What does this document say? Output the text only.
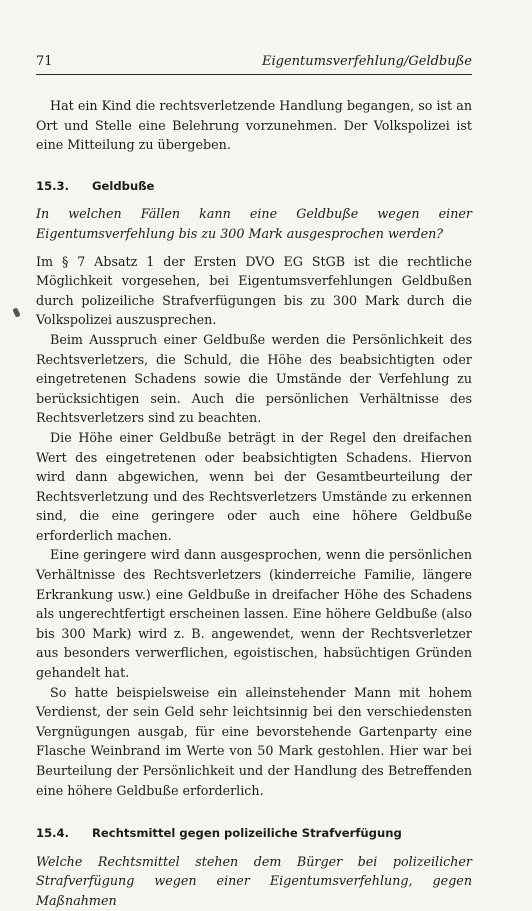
71	Eigentumsverfehlung/Geldbuße

Hat ein Kind die rechtsverletzende Handlung begangen, so ist an Ort und Stelle eine Belehrung vorzunehmen. Der Volkspolizei ist eine Mitteilung zu übergeben.

15.3. Geldbuße

In welchen Fällen kann eine Geldbuße wegen einer Eigentumsverfehlung bis zu 300 Mark ausgesprochen werden?

Im § 7 Absatz 1 der Ersten DVO EG StGB ist die rechtliche Möglichkeit vorgesehen, bei Eigentumsverfehlungen Geldbußen durch polizeiliche Strafverfügungen bis zu 300 Mark durch die Volkspolizei auszusprechen.

Beim Ausspruch einer Geldbuße werden die Persönlichkeit des Rechtsverletzers, die Schuld, die Höhe des beabsichtigten oder eingetretenen Schadens sowie die Umstände der Verfehlung zu berücksichtigen sein. Auch die persönlichen Verhältnisse des Rechtsverletzers sind zu beachten.

Die Höhe einer Geldbuße beträgt in der Regel den dreifachen Wert des eingetretenen oder beabsichtigten Schadens. Hiervon wird dann abgewichen, wenn bei der Gesamtbeurteilung der Rechtsverletzung und des Rechtsverletzers Umstände zu erkennen sind, die eine geringere oder auch eine höhere Geldbuße erforderlich machen.

Eine geringere wird dann ausgesprochen, wenn die persönlichen Verhältnisse des Rechtsverletzers (kinderreiche Familie, längere Erkrankung usw.) eine Geldbuße in dreifacher Höhe des Schadens als ungerechtfertigt erscheinen lassen. Eine höhere Geldbuße (also bis 300 Mark) wird z. B. angewendet, wenn der Rechtsverletzer aus besonders verwerflichen, egoistischen, habsüchtigen Gründen gehandelt hat.

So hatte beispielsweise ein alleinstehender Mann mit hohem Verdienst, der sein Geld sehr leichtsinnig bei den verschiedensten Vergnügungen ausgab, für eine bevorstehende Gartenparty eine Flasche Weinbrand im Werte von 50 Mark gestohlen. Hier war bei Beurteilung der Persönlichkeit und der Handlung des Betreffenden eine höhere Geldbuße erforderlich.

15.4. Rechtsmittel gegen polizeiliche Strafverfügung

Welche Rechtsmittel stehen dem Bürger bei polizeilicher Strafverfügung wegen einer Eigentumsverfehlung, gegen Maßnahmen
